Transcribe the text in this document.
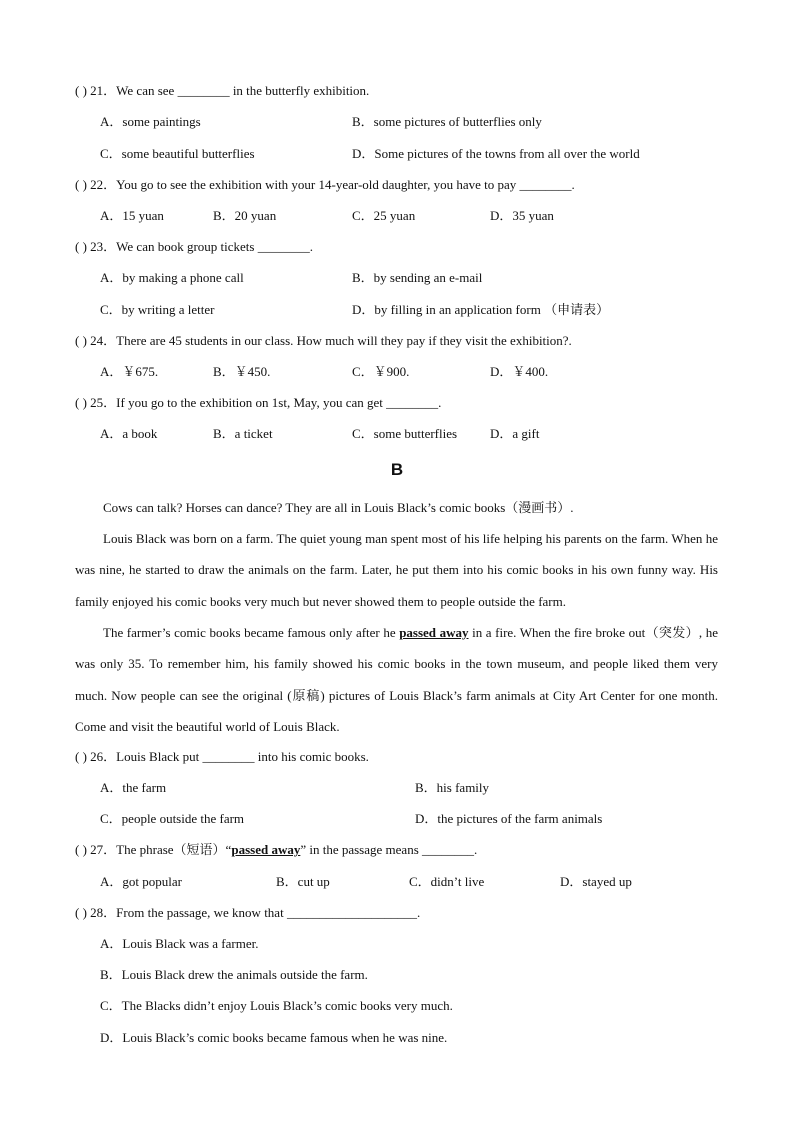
( ) 21．We can see ________ in the butterfly exhibition.
A．some paintings	B．some pictures of butterflies only
C．some beautiful butterflies	D．Some pictures of the towns from all over the world
( ) 22．You go to see the exhibition with your 14-year-old daughter, you have to pay ________.
A．15 yuan	B．20 yuan	C．25 yuan	D．35 yuan
( ) 23．We can book group tickets ________.
A．by making a phone call	B．by sending an e-mail
C．by writing a letter	D．by filling in an application form （申请表）
( ) 24．There are 45 students in our class. How much will they pay if they visit the exhibition?.
A．￥675.	B．￥450.	C．￥900.	D．￥400.
( ) 25．If you go to the exhibition on 1st, May, you can get ________.
A．a book	B．a ticket	C．some butterflies	D．a gift
B
Cows can talk? Horses can dance? They are all in Louis Black’s comic books（漫画书）.
Louis Black was born on a farm. The quiet young man spent most of his life helping his parents on the farm. When he was nine, he started to draw the animals on the farm. Later, he put them into his comic books in his own funny way. His family enjoyed his comic books very much but never showed them to people outside the farm.
The farmer’s comic books became famous only after he passed away in a fire. When the fire broke out（突发）, he was only 35. To remember him, his family showed his comic books in the town museum, and people liked them very much. Now people can see the original (原稿) pictures of Louis Black’s farm animals at City Art Center for one month. Come and visit the beautiful world of Louis Black.
( ) 26．Louis Black put ________ into his comic books.
A．the farm	B．his family
C．people outside the farm	D．the pictures of the farm animals
( ) 27．The phrase（短语）“passed away” in the passage means ________.
A．got popular	B．cut up	C．didn’t live	D．stayed up
( ) 28．From the passage, we know that ____________________.
A．Louis Black was a farmer.
B．Louis Black drew the animals outside the farm.
C．The Blacks didn’t enjoy Louis Black’s comic books very much.
D．Louis Black’s comic books became famous when he was nine.
